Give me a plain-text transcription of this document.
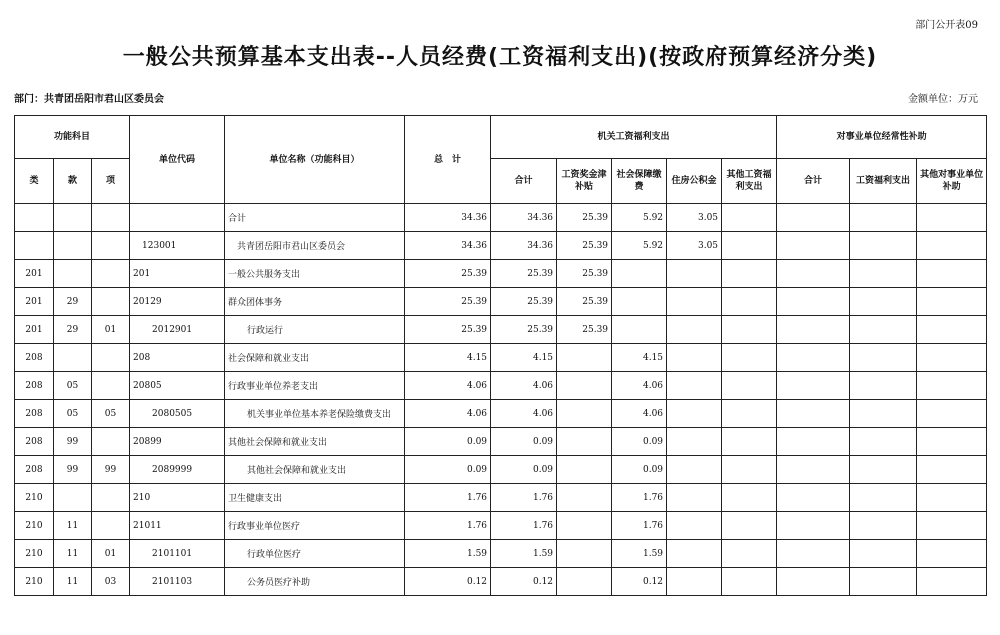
部门公开表09
一般公共预算基本支出表--人员经费(工资福利支出)(按政府预算经济分类)
部门：共青团岳阳市君山区委员会	金额单位：万元
功能科目			单位代码	单位名称（功能科目）	总　计	机关工资福利支出					对事业单位经常性补助		
类	款	项				合计	工资奖金津补贴	社会保障缴费	住房公积金	其他工资福利支出	合计	工资福利支出	其他对事业单位补助
				合计	34.36	34.36	25.39	5.92	3.05				
			123001	共青团岳阳市君山区委员会	34.36	34.36	25.39	5.92	3.05				
201			201	一般公共服务支出	25.39	25.39	25.39						
201	29		20129	群众团体事务	25.39	25.39	25.39						
201	29	01	2012901	行政运行	25.39	25.39	25.39						
208			208	社会保障和就业支出	4.15	4.15		4.15					
208	05		20805	行政事业单位养老支出	4.06	4.06		4.06					
208	05	05	2080505	机关事业单位基本养老保险缴费支出	4.06	4.06		4.06					
208	99		20899	其他社会保障和就业支出	0.09	0.09		0.09					
208	99	99	2089999	其他社会保障和就业支出	0.09	0.09		0.09					
210			210	卫生健康支出	1.76	1.76		1.76					
210	11		21011	行政事业单位医疗	1.76	1.76		1.76					
210	11	01	2101101	行政单位医疗	1.59	1.59		1.59					
210	11	03	2101103	公务员医疗补助	0.12	0.12		0.12					
